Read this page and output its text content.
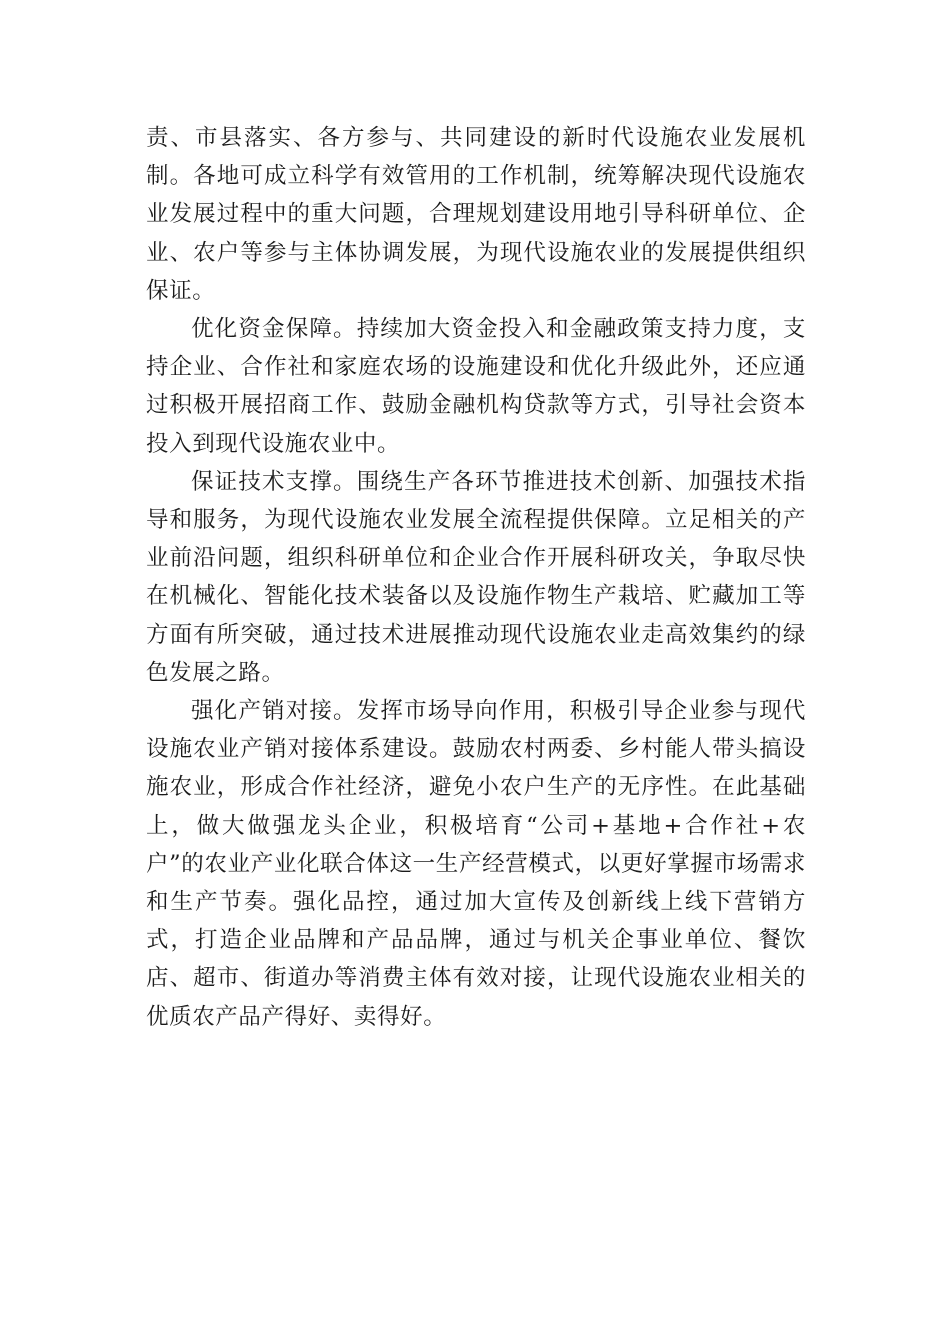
责、市县落实、各方参与、共同建设的新时代设施农业发展机制。各地可成立科学有效管用的工作机制，统筹解决现代设施农业发展过程中的重大问题，合理规划建设用地引导科研单位、企业、农户等参与主体协调发展，为现代设施农业的发展提供组织保证。

优化资金保障。持续加大资金投入和金融政策支持力度，支持企业、合作社和家庭农场的设施建设和优化升级此外，还应通过积极开展招商工作、鼓励金融机构贷款等方式，引导社会资本投入到现代设施农业中。

保证技术支撑。围绕生产各环节推进技术创新、加强技术指导和服务，为现代设施农业发展全流程提供保障。立足相关的产业前沿问题，组织科研单位和企业合作开展科研攻关，争取尽快在机械化、智能化技术装备以及设施作物生产栽培、贮藏加工等方面有所突破，通过技术进展推动现代设施农业走高效集约的绿色发展之路。

强化产销对接。发挥市场导向作用，积极引导企业参与现代设施农业产销对接体系建设。鼓励农村两委、乡村能人带头搞设施农业，形成合作社经济，避免小农户生产的无序性。在此基础上，做大做强龙头企业，积极培育“公司+基地+合作社+农户”的农业产业化联合体这一生产经营模式，以更好掌握市场需求和生产节奏。强化品控，通过加大宣传及创新线上线下营销方式，打造企业品牌和产品品牌，通过与机关企事业单位、餐饮店、超市、街道办等消费主体有效对接，让现代设施农业相关的优质农产品产得好、卖得好。
